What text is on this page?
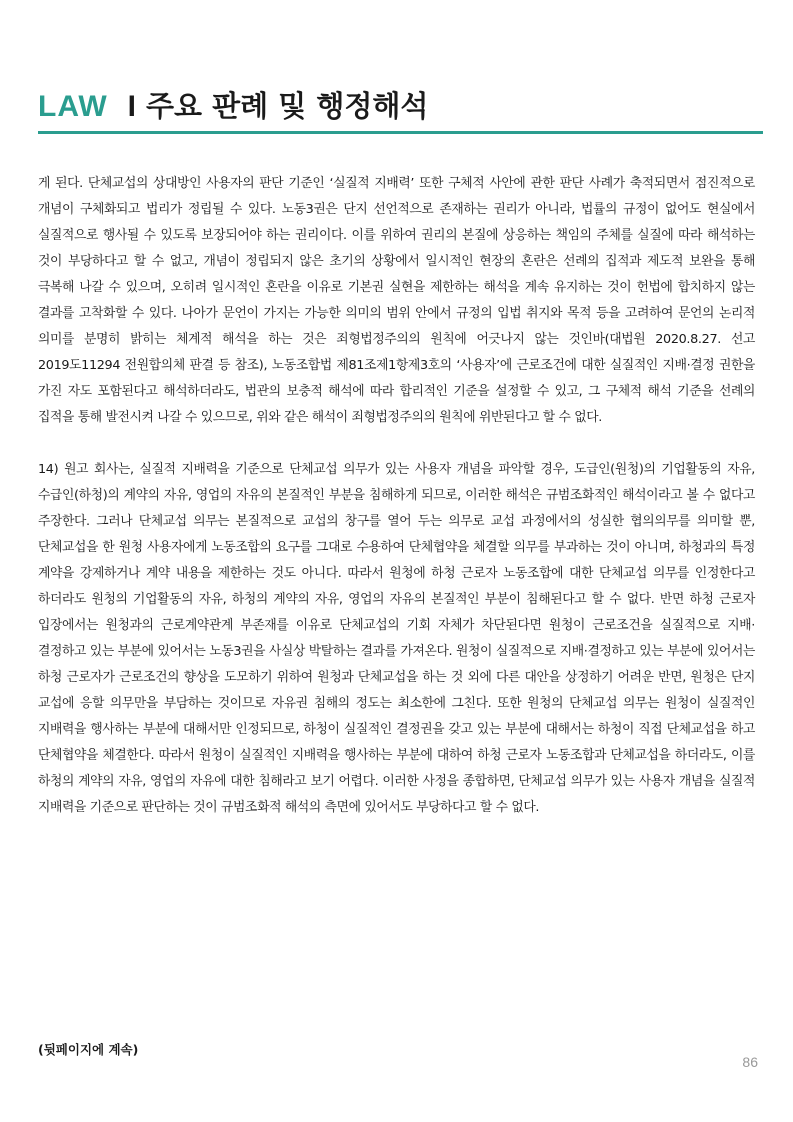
LAW I 주요 판례 및 행정해석

게 된다. 단체교섭의 상대방인 사용자의 판단 기준인 ‘실질적 지배력’ 또한 구체적 사안에 관한 판단 사례가 축적되면서 점진적으로 개념이 구체화되고 법리가 정립될 수 있다. 노동3권은 단지 선언적으로 존재하는 권리가 아니라, 법률의 규정이 없어도 현실에서 실질적으로 행사될 수 있도록 보장되어야 하는 권리이다. 이를 위하여 권리의 본질에 상응하는 책임의 주체를 실질에 따라 해석하는 것이 부당하다고 할 수 없고, 개념이 정립되지 않은 초기의 상황에서 일시적인 현장의 혼란은 선례의 집적과 제도적 보완을 통해 극복해 나갈 수 있으며, 오히려 일시적인 혼란을 이유로 기본권 실현을 제한하는 해석을 계속 유지하는 것이 헌법에 합치하지 않는 결과를 고착화할 수 있다. 나아가 문언이 가지는 가능한 의미의 범위 안에서 규정의 입법 취지와 목적 등을 고려하여 문언의 논리적 의미를 분명히 밝히는 체계적 해석을 하는 것은 죄형법정주의의 원칙에 어긋나지 않는 것인바(대법원 2020.8.27. 선고 2019도11294 전원합의체 판결 등 참조), 노동조합법 제81조제1항제3호의 ‘사용자’에 근로조건에 대한 실질적인 지배·결정 권한을 가진 자도 포함된다고 해석하더라도, 법관의 보충적 해석에 따라 합리적인 기준을 설정할 수 있고, 그 구체적 해석 기준을 선례의 집적을 통해 발전시켜 나갈 수 있으므로, 위와 같은 해석이 죄형법정주의의 원칙에 위반된다고 할 수 없다.

14) 원고 회사는, 실질적 지배력을 기준으로 단체교섭 의무가 있는 사용자 개념을 파악할 경우, 도급인(원청)의 기업활동의 자유, 수급인(하청)의 계약의 자유, 영업의 자유의 본질적인 부분을 침해하게 되므로, 이러한 해석은 규범조화적인 해석이라고 볼 수 없다고 주장한다. 그러나 단체교섭 의무는 본질적으로 교섭의 창구를 열어 두는 의무로 교섭 과정에서의 성실한 협의의무를 의미할 뿐, 단체교섭을 한 원청 사용자에게 노동조합의 요구를 그대로 수용하여 단체협약을 체결할 의무를 부과하는 것이 아니며, 하청과의 특정 계약을 강제하거나 계약 내용을 제한하는 것도 아니다. 따라서 원청에 하청 근로자 노동조합에 대한 단체교섭 의무를 인정한다고 하더라도 원청의 기업활동의 자유, 하청의 계약의 자유, 영업의 자유의 본질적인 부분이 침해된다고 할 수 없다. 반면 하청 근로자 입장에서는 원청과의 근로계약관계 부존재를 이유로 단체교섭의 기회 자체가 차단된다면 원청이 근로조건을 실질적으로 지배·결정하고 있는 부분에 있어서는 노동3권을 사실상 박탈하는 결과를 가져온다. 원청이 실질적으로 지배·결정하고 있는 부분에 있어서는 하청 근로자가 근로조건의 향상을 도모하기 위하여 원청과 단체교섭을 하는 것 외에 다른 대안을 상정하기 어려운 반면, 원청은 단지 교섭에 응할 의무만을 부담하는 것이므로 자유권 침해의 정도는 최소한에 그친다. 또한 원청의 단체교섭 의무는 원청이 실질적인 지배력을 행사하는 부분에 대해서만 인정되므로, 하청이 실질적인 결정권을 갖고 있는 부분에 대해서는 하청이 직접 단체교섭을 하고 단체협약을 체결한다. 따라서 원청이 실질적인 지배력을 행사하는 부분에 대하여 하청 근로자 노동조합과 단체교섭을 하더라도, 이를 하청의 계약의 자유, 영업의 자유에 대한 침해라고 보기 어렵다. 이러한 사정을 종합하면, 단체교섭 의무가 있는 사용자 개념을 실질적 지배력을 기준으로 판단하는 것이 규범조화적 해석의 측면에 있어서도 부당하다고 할 수 없다.

(뒷페이지에 계속)
86
